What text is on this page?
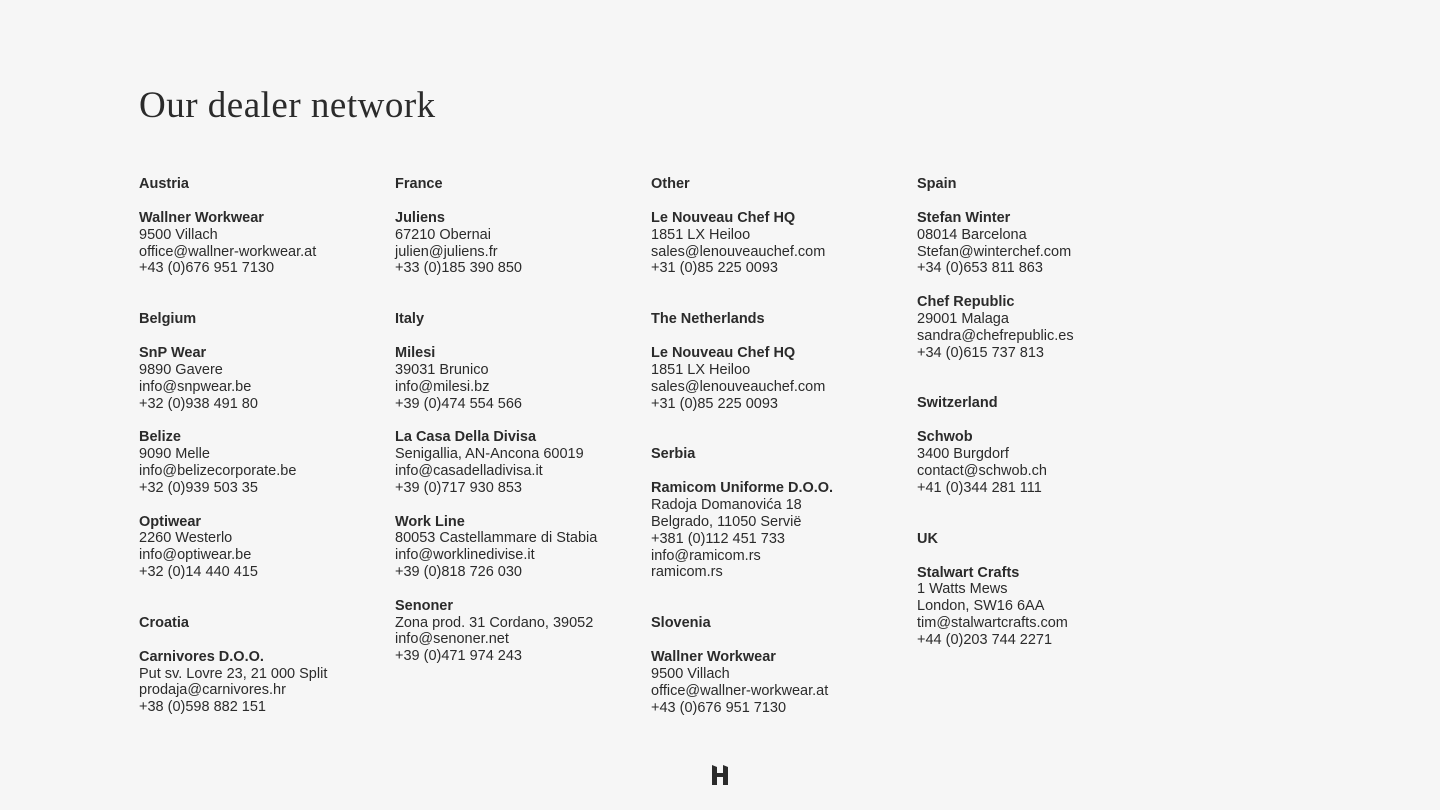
Our dealer network
Austria
Wallner Workwear
9500 Villach
office@wallner-workwear.at
+43 (0)676 951 7130
Belgium
SnP Wear
9890 Gavere
info@snpwear.be
+32 (0)938 491 80
Belize
9090 Melle
info@belizecorporate.be
+32 (0)939 503 35
Optiwear
2260 Westerlo
info@optiwear.be
+32 (0)14 440 415
Croatia
Carnivores D.O.O.
Put sv. Lovre 23, 21 000 Split
prodaja@carnivores.hr
+38 (0)598 882 151
France
Juliens
67210 Obernai
julien@juliens.fr
+33 (0)185 390 850
Italy
Milesi
39031 Brunico
info@milesi.bz
+39 (0)474 554 566
La Casa Della Divisa
Senigallia, AN-Ancona 60019
info@casadelladivisa.it
+39 (0)717 930 853
Work Line
80053 Castellammare di Stabia
info@worklinedivise.it
+39 (0)818 726 030
Senoner
Zona prod. 31 Cordano, 39052
info@senoner.net
+39 (0)471 974 243
Other
Le Nouveau Chef HQ
1851 LX Heiloo
sales@lenouveauchef.com
+31 (0)85 225 0093
The Netherlands
Le Nouveau Chef HQ
1851 LX Heiloo
sales@lenouveauchef.com
+31 (0)85 225 0093
Serbia
Ramicom Uniforme D.O.O.
Radoja Domanovića 18
Belgrado, 11050 Servië
+381 (0)112 451 733
info@ramicom.rs
ramicom.rs
Slovenia
Wallner Workwear
9500 Villach
office@wallner-workwear.at
+43 (0)676 951 7130
Spain
Stefan Winter
08014 Barcelona
Stefan@winterchef.com
+34 (0)653 811 863
Chef Republic
29001 Malaga
sandra@chefrepublic.es
+34 (0)615 737 813
Switzerland
Schwob
3400 Burgdorf
contact@schwob.ch
+41 (0)344 281 111
UK
Stalwart Crafts
1 Watts Mews
London, SW16 6AA
tim@stalwartcrafts.com
+44 (0)203 744 2271
